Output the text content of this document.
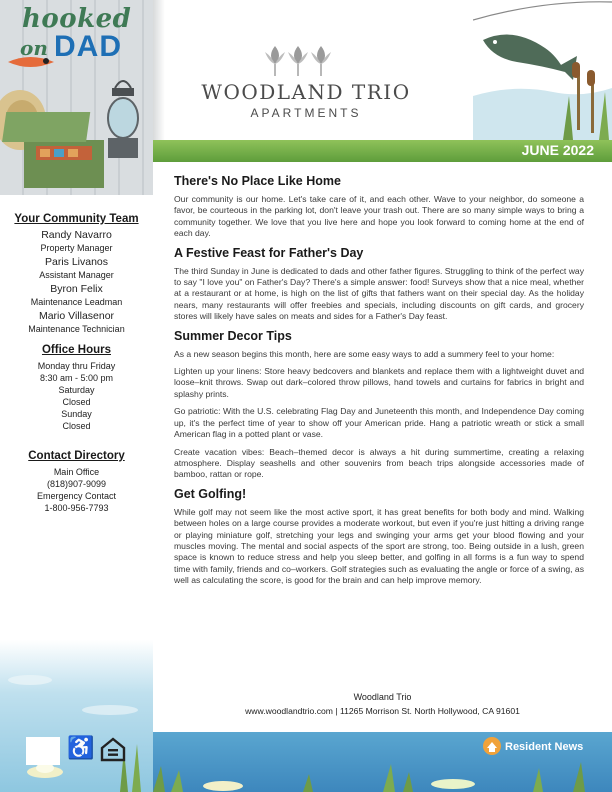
hooked
on DAD
Your Community Team
Randy Navarro
Property Manager
Paris Livanos
Assistant Manager
Byron Felix
Maintenance Leadman
Mario Villasenor
Maintenance Technician
Office Hours
Monday thru Friday
8:30 am - 5:00 pm
Saturday
Closed
Sunday
Closed
Contact Directory
Main Office
(818)907-9099
Emergency Contact
1-800-956-7793
♿
WOODLAND TRIO
APARTMENTS
JUNE 2022
There's No Place Like Home

Our community is our home. Let's take care of it, and each other. Wave to your neighbor, do someone a favor, be courteous in the parking lot, don't leave your trash out. There are so many simple ways to bring a community together. We love that you live here and hope you look forward to coming home at the end of each day.

A Festive Feast for Father's Day

The third Sunday in June is dedicated to dads and other father figures. Struggling to think of the perfect way to say "I love you" on Father's Day? There's a simple answer: food! Surveys show that a nice meal, whether at a restaurant or at home, is high on the list of gifts that fathers want on their special day. As the holiday nears, many restaurants will offer freebies and specials, including discounts on gift cards, and grocery stores will likely have sales on meats and sides for a Father's Day feast.

Summer Decor Tips

As a new season begins this month, here are some easy ways to add a summery feel to your home:

Lighten up your linens: Store heavy bedcovers and blankets and replace them with a lightweight duvet and loose–knit throws. Swap out dark–colored throw pillows, hand towels and curtains for fabrics in bright and splashy prints.

Go patriotic: With the U.S. celebrating Flag Day and Juneteenth this month, and Independence Day coming up, it's the perfect time of year to show off your American pride. Hang a patriotic wreath or stick a small American flag in a potted plant or vase.

Create vacation vibes: Beach–themed decor is always a hit during summertime, creating a relaxing atmosphere. Display seashells and other souvenirs from beach trips alongside accessories made of bamboo, rattan or rope.

Get Golfing!

While golf may not seem like the most active sport, it has great benefits for both body and mind. Walking between holes on a large course provides a moderate workout, but even if you're just hitting a driving range or playing miniature golf, stretching your legs and swinging your arms get your blood flowing and your muscles moving. The mental and social aspects of the sport are strong, too. Being outside in a lush, green space is known to reduce stress and help you sleep better, and golfing in all forms is a fun way to spend time with family, friends and co–workers. Golf strategies such as evaluating the angle or force of a swing, as well as calculating the score, is good for the brain and can help improve memory.

Woodland Trio
www.woodlandtrio.com | 11265 Morrison St. North Hollywood, CA 91601
Resident News
